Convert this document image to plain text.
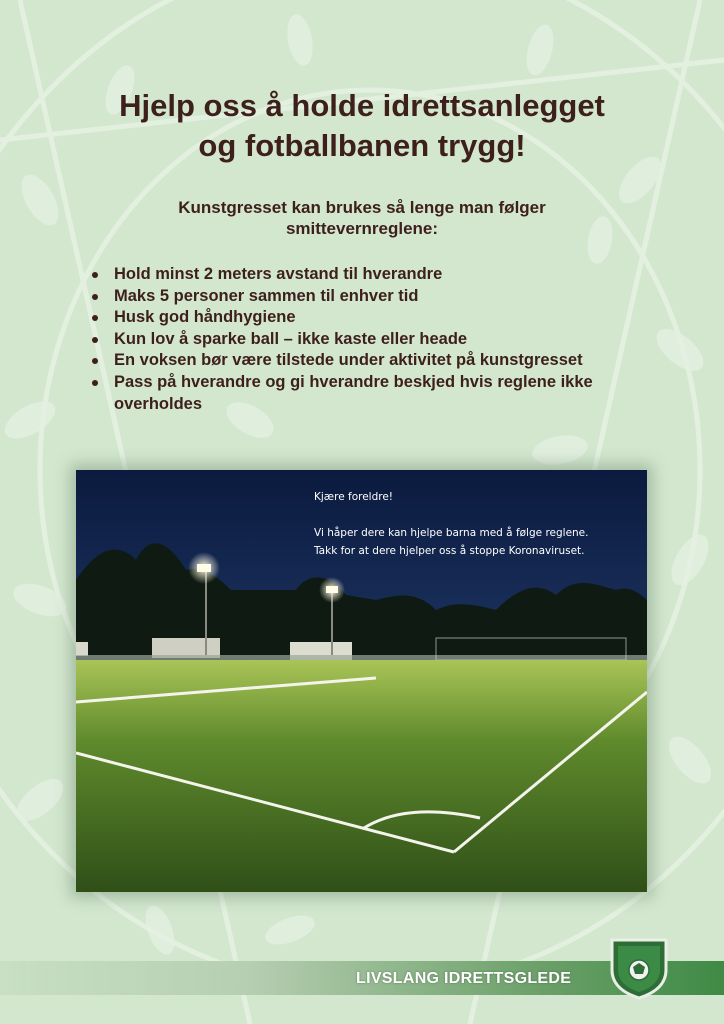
Hjelp oss å holde idrettsanlegget
og fotballbanen trygg!

Kunstgresset kan brukes så lenge man følger smittevernreglene:

Hold minst 2 meters avstand til hverandre
Maks 5 personer sammen til enhver tid
Husk god håndhygiene
Kun lov å sparke ball – ikke kaste eller heade
En voksen bør være tilstede under aktivitet på kunstgresset
Pass på hverandre og gi hverandre beskjed hvis reglene ikke overholdes
Kjære foreldre!
Vi håper dere kan hjelpe barna med å følge reglene.
Takk for at dere hjelper oss å stoppe Koronaviruset.
LIVSLANG IDRETTSGLEDE
